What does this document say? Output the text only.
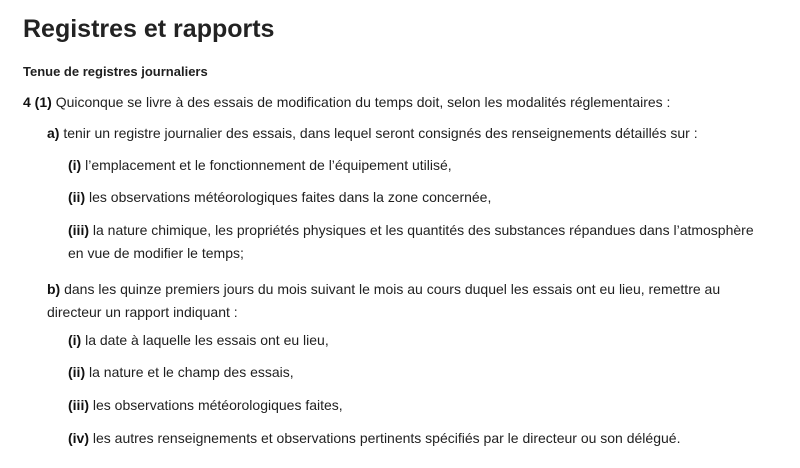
Registres et rapports
Tenue de registres journaliers

4 (1) Quiconque se livre à des essais de modification du temps doit, selon les modalités réglementaires :

a) tenir un registre journalier des essais, dans lequel seront consignés des renseignements détaillés sur :

(i) l’emplacement et le fonctionnement de l’équipement utilisé,

(ii) les observations météorologiques faites dans la zone concernée,

(iii) la nature chimique, les propriétés physiques et les quantités des substances répandues dans l’atmosphère en vue de modifier le temps;

b) dans les quinze premiers jours du mois suivant le mois au cours duquel les essais ont eu lieu, remettre au directeur un rapport indiquant :

(i) la date à laquelle les essais ont eu lieu,

(ii) la nature et le champ des essais,

(iii) les observations météorologiques faites,

(iv) les autres renseignements et observations pertinents spécifiés par le directeur ou son délégué.
